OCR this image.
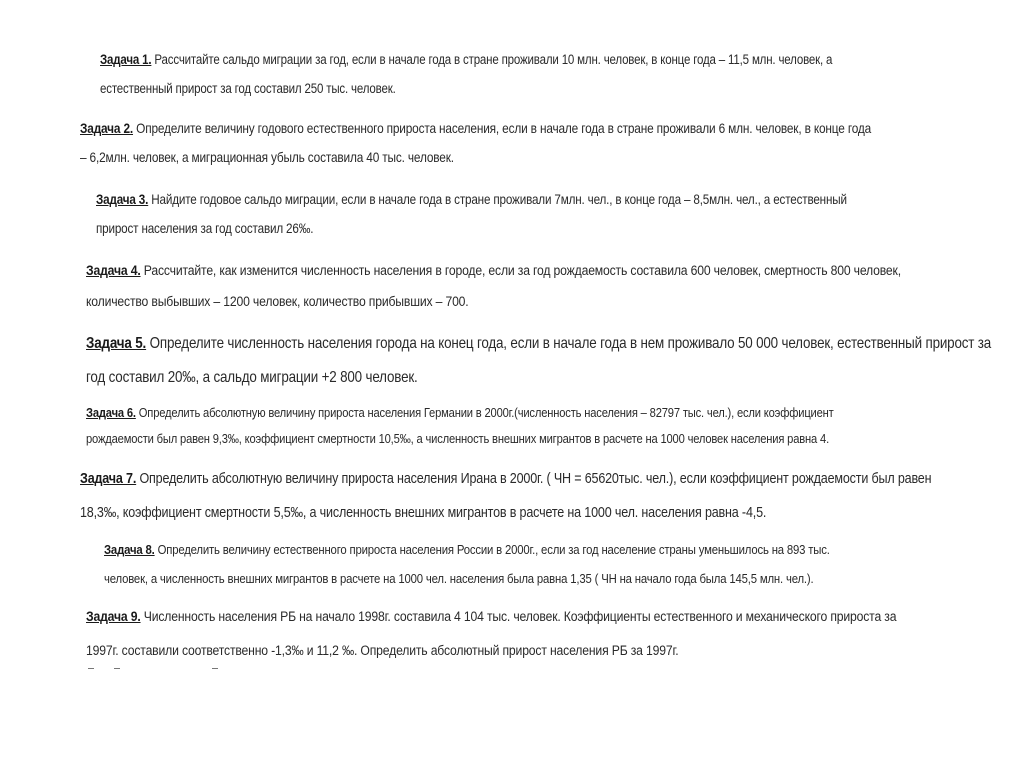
Задача 1. Рассчитайте сальдо миграции за год, если в начале года в стране проживали 10 млн. человек, в конце года – 11,5 млн. человек, а
естественный прирост за год составил 250 тыс. человек.

Задача 2. Определите величину годового естественного прироста населения, если в начале года в стране проживали 6 млн. человек, в конце года
– 6,2млн. человек, а миграционная убыль составила 40 тыс. человек.

Задача 3. Найдите годовое сальдо миграции, если в начале года в стране проживали 7млн. чел., в конце года – 8,5млн. чел., а естественный
прирост населения за год составил 26‰.

Задача 4. Рассчитайте, как изменится численность населения в городе, если за год рождаемость составила 600 человек, смертность 800 человек,
количество выбывших – 1200 человек, количество прибывших – 700.

Задача 5. Определите численность населения города на конец года, если в начале года в нем проживало 50 000 человек, естественный прирост за
год составил 20‰, а сальдо миграции +2 800 человек.

Задача 6. Определить абсолютную величину прироста населения Германии в 2000г.(численность населения – 82797 тыс. чел.), если коэффициент
рождаемости был равен 9,3‰, коэффициент смертности 10,5‰, а численность внешних мигрантов в расчете на 1000 человек населения равна 4.

Задача 7. Определить абсолютную величину прироста населения Ирана в 2000г. ( ЧН = 65620тыс. чел.), если коэффициент рождаемости был равен
18,3‰, коэффициент смертности 5,5‰, а численность внешних мигрантов в расчете на 1000 чел. населения равна -4,5.

Задача 8. Определить величину естественного прироста населения России в 2000г., если за год население страны уменьшилось на 893 тыс.
человек, а численность внешних мигрантов в расчете на 1000 чел. населения была равна 1,35 ( ЧН на начало года была 145,5 млн. чел.).

Задача 9. Численность населения РБ на начало 1998г. составила 4 104 тыс. человек. Коэффициенты естественного и механического прироста за
1997г. составили соответственно -1,3‰ и 11,2 ‰. Определить абсолютный прирост населения РБ за 1997г.
